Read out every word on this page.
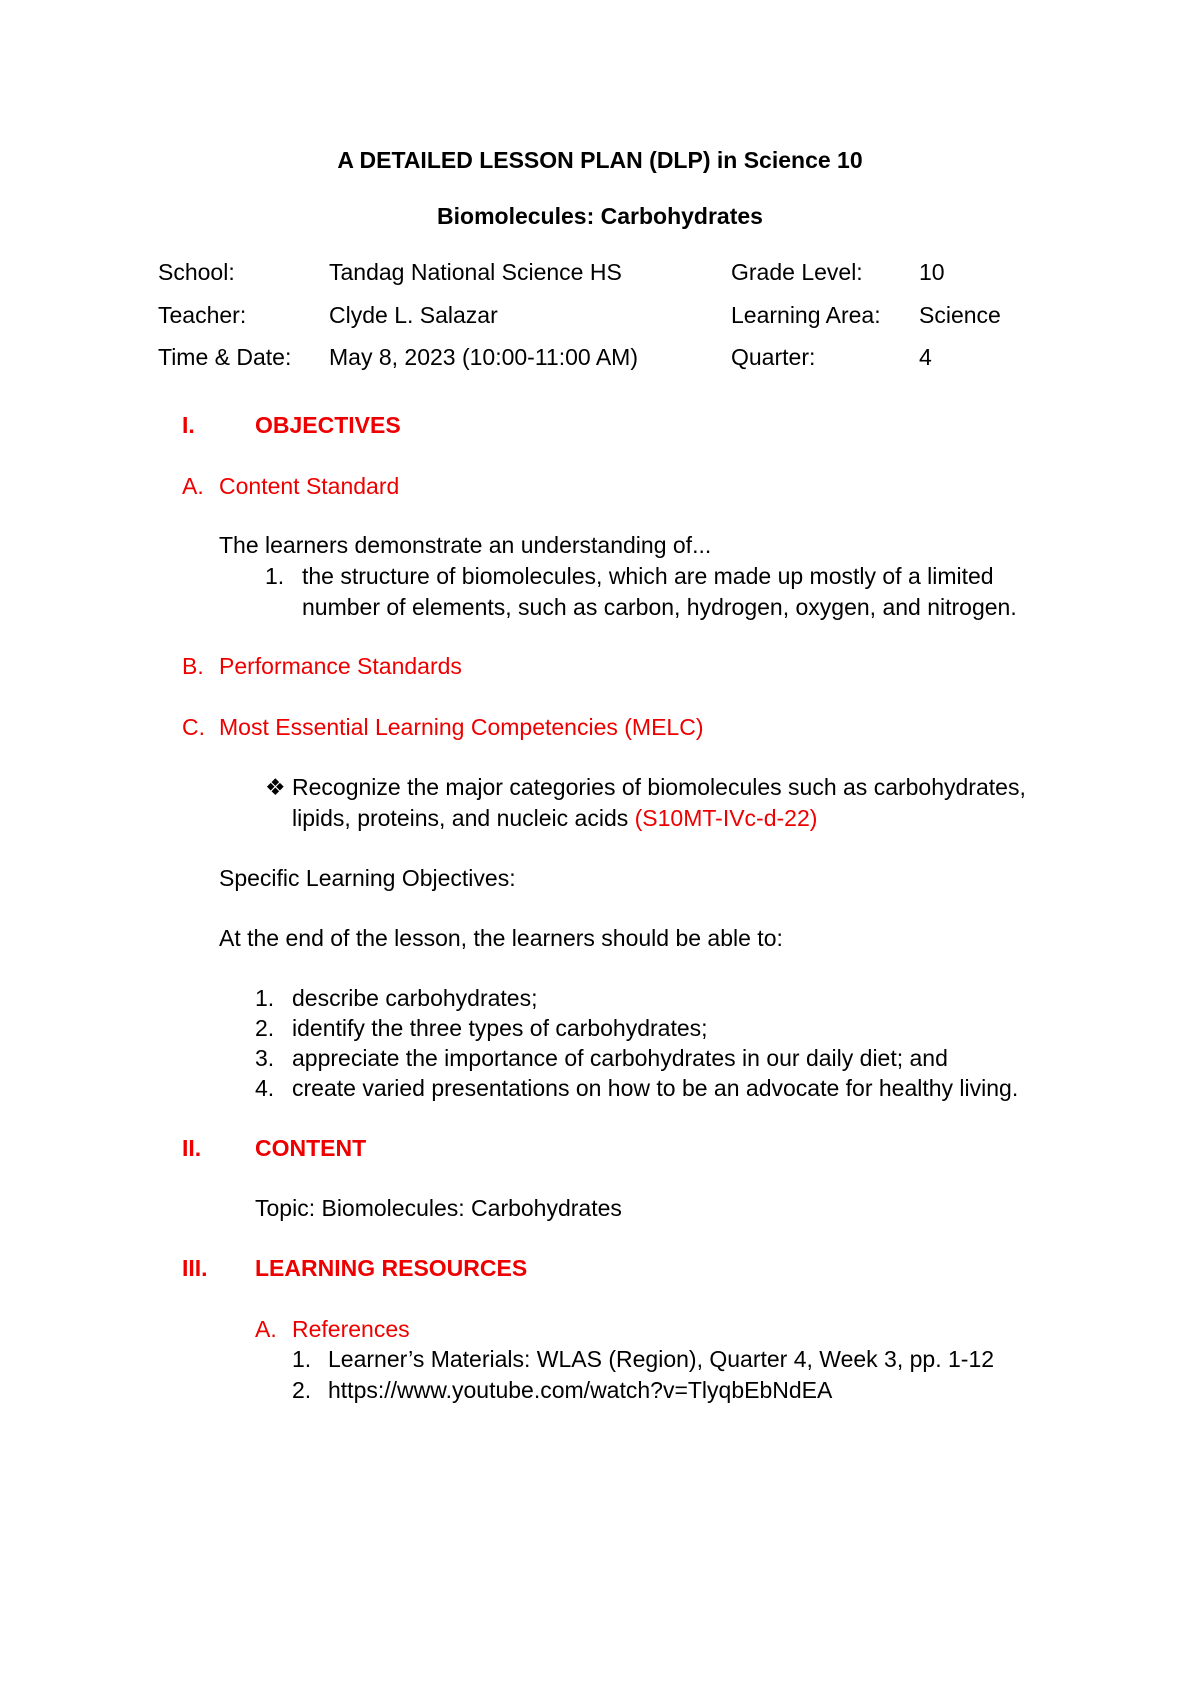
A DETAILED LESSON PLAN (DLP) in Science 10
Biomolecules: Carbohydrates
School:	Tandag National Science HS	Grade Level: 10
Teacher:	Clyde L. Salazar	Learning Area: Science
Time & Date: May 8, 2023 (10:00-11:00 AM)	Quarter:	4
I.	OBJECTIVES
A. Content Standard
The learners demonstrate an understanding of...
1. the structure of biomolecules, which are made up mostly of a limited
number of elements, such as carbon, hydrogen, oxygen, and nitrogen.
B. Performance Standards
C. Most Essential Learning Competencies (MELC)
❖ Recognize the major categories of biomolecules such as carbohydrates,
lipids, proteins, and nucleic acids (S10MT-IVc-d-22)
Specific Learning Objectives:
At the end of the lesson, the learners should be able to:
1. describe carbohydrates;
2. identify the three types of carbohydrates;
3. appreciate the importance of carbohydrates in our daily diet; and
4. create varied presentations on how to be an advocate for healthy living.
II. CONTENT
Topic: Biomolecules: Carbohydrates
III. LEARNING RESOURCES
A. References
1. Learner’s Materials: WLAS (Region), Quarter 4, Week 3, pp. 1-12
2. https://www.youtube.com/watch?v=TlyqbEbNdEA
